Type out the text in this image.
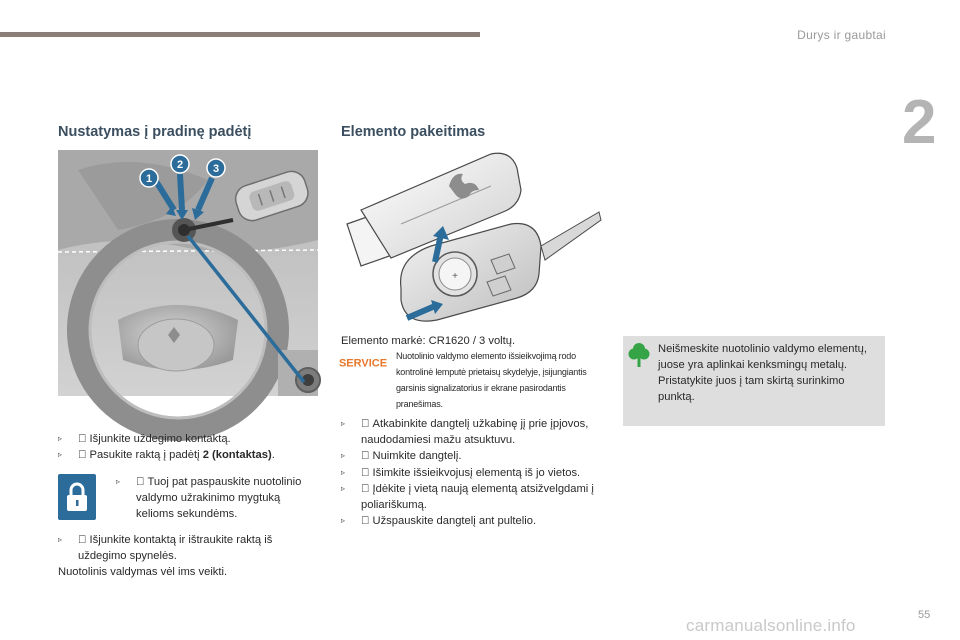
Durys ir gaubtai
2
Nustatymas į pradinę padėtį
1
2	3

▹ Išjunkite uždegimo kontaktą.

▹ Pasukite raktą į padėtį 2 (kontaktas).

▹ Tuoj pat paspauskite nuotolinio valdymo užrakinimo mygtuką kelioms sekundėms.

▹ Išjunkite kontaktą ir ištraukite raktą iš uždegimo spynelės.
Nuotolinis valdymas vėl ims veikti.
Elemento pakeitimas
+
Elemento markė: CR1620 / 3 voltų.
SERVICE
Nuotolinio valdymo elemento išsieikvojimą rodo kontrolinė lemputė prietaisų skydelyje, įsijungiantis garsinis signalizatorius ir ekrane pasirodantis pranešimas.

▹ Atkabinkite dangtelį užkabinę jį prie įpjovos, naudodamiesi mažu atsuktuvu.

▹ Nuimkite dangtelį.

▹ Išimkite išsieikvojusį elementą iš jo vietos.

▹ Įdėkite į vietą naują elementą atsižvelgdami į poliariškumą.

▹ Užspauskite dangtelį ant pultelio.
Neišmeskite nuotolinio valdymo elementų, juose yra aplinkai kenksmingų metalų. Pristatykite juos į tam skirtą surinkimo punktą.
55
carmanualsonline.info
